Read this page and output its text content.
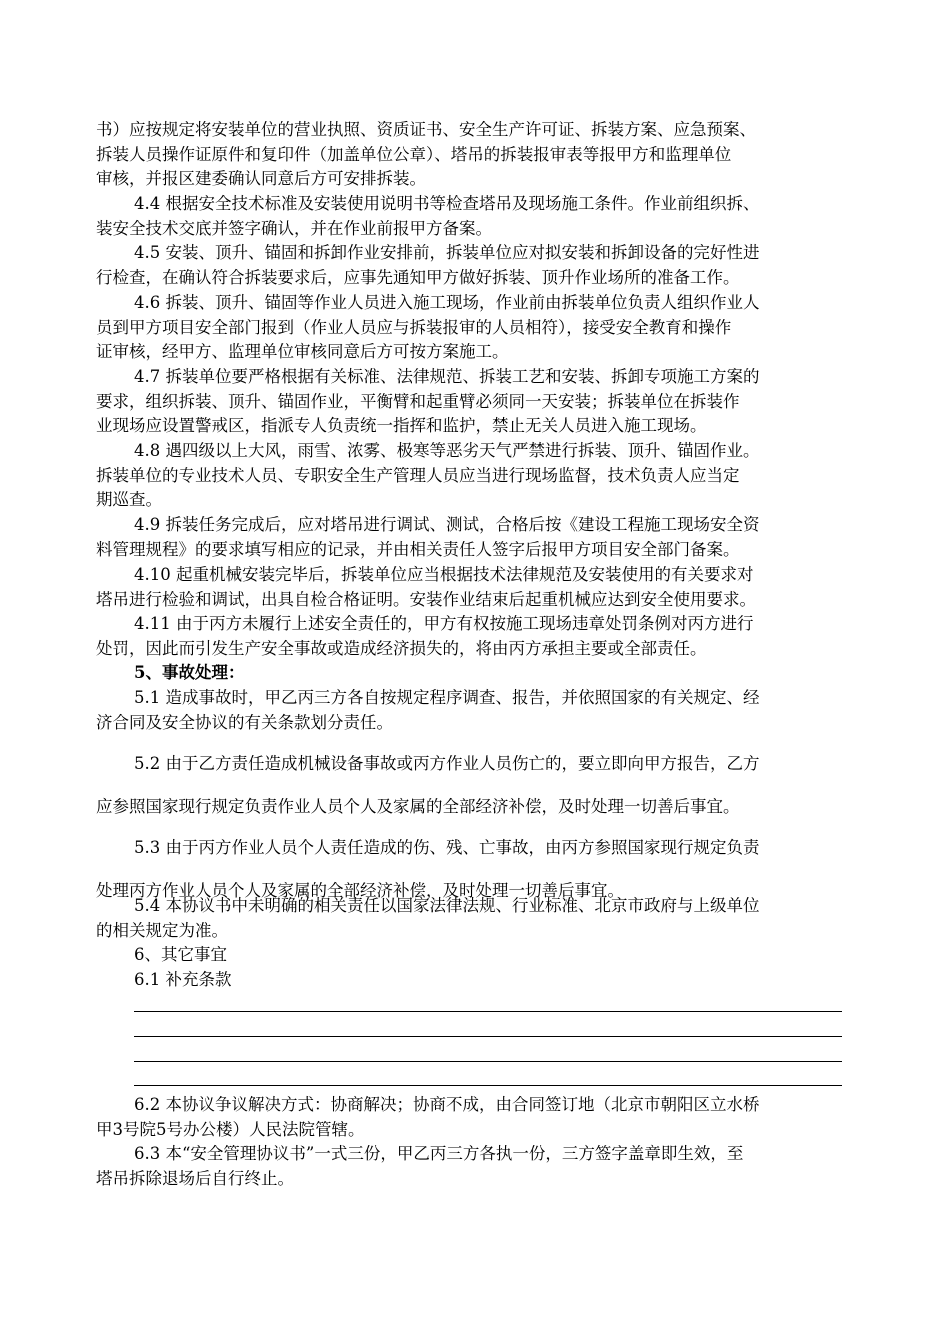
书）应按规定将安装单位的营业执照、资质证书、安全生产许可证、拆装方案、应急预案、

拆装人员操作证原件和复印件（加盖单位公章）、塔吊的拆装报审表等报甲方和监理单位

审核，并报区建委确认同意后方可安排拆装。

4.4 根据安全技术标准及安装使用说明书等检查塔吊及现场施工条件。作业前组织拆、

装安全技术交底并签字确认，并在作业前报甲方备案。

4.5 安装、顶升、锚固和拆卸作业安排前，拆装单位应对拟安装和拆卸设备的完好性进

行检查，在确认符合拆装要求后，应事先通知甲方做好拆装、顶升作业场所的准备工作。

4.6 拆装、顶升、锚固等作业人员进入施工现场，作业前由拆装单位负责人组织作业人

员到甲方项目安全部门报到（作业人员应与拆装报审的人员相符），接受安全教育和操作

证审核，经甲方、监理单位审核同意后方可按方案施工。

4.7 拆装单位要严格根据有关标准、法律规范、拆装工艺和安装、拆卸专项施工方案的

要求，组织拆装、顶升、锚固作业，平衡臂和起重臂必须同一天安装；拆装单位在拆装作

业现场应设置警戒区，指派专人负责统一指挥和监护，禁止无关人员进入施工现场。

4.8 遇四级以上大风，雨雪、浓雾、极寒等恶劣天气严禁进行拆装、顶升、锚固作业。

拆装单位的专业技术人员、专职安全生产管理人员应当进行现场监督，技术负责人应当定

期巡查。

4.9 拆装任务完成后，应对塔吊进行调试、测试，合格后按《建设工程施工现场安全资

料管理规程》的要求填写相应的记录，并由相关责任人签字后报甲方项目安全部门备案。

4.10 起重机械安装完毕后，拆装单位应当根据技术法律规范及安装使用的有关要求对

塔吊进行检验和调试，出具自检合格证明。安装作业结束后起重机械应达到安全使用要求。

4.11 由于丙方未履行上述安全责任的，甲方有权按施工现场违章处罚条例对丙方进行

处罚，因此而引发生产安全事故或造成经济损失的，将由丙方承担主要或全部责任。

5、事故处理：

5.1 造成事故时，甲乙丙三方各自按规定程序调查、报告，并依照国家的有关规定、经

济合同及安全协议的有关条款划分责任。

5.2 由于乙方责任造成机械设备事故或丙方作业人员伤亡的，要立即向甲方报告，乙方

应参照国家现行规定负责作业人员个人及家属的全部经济补偿，及时处理一切善后事宜。

5.3 由于丙方作业人员个人责任造成的伤、残、亡事故，由丙方参照国家现行规定负责

处理丙方作业人员个人及家属的全部经济补偿，及时处理一切善后事宜。

5.4 本协议书中未明确的相关责任以国家法律法规、行业标准、北京市政府与上级单位

的相关规定为准。

6、其它事宜

6.1 补充条款

6.2 本协议争议解决方式：协商解决；协商不成，由合同签订地（北京市朝阳区立水桥

甲3号院5号办公楼）人民法院管辖。

6.3 本“安全管理协议书”一式三份，甲乙丙三方各执一份，三方签字盖章即生效，至

塔吊拆除退场后自行终止。
